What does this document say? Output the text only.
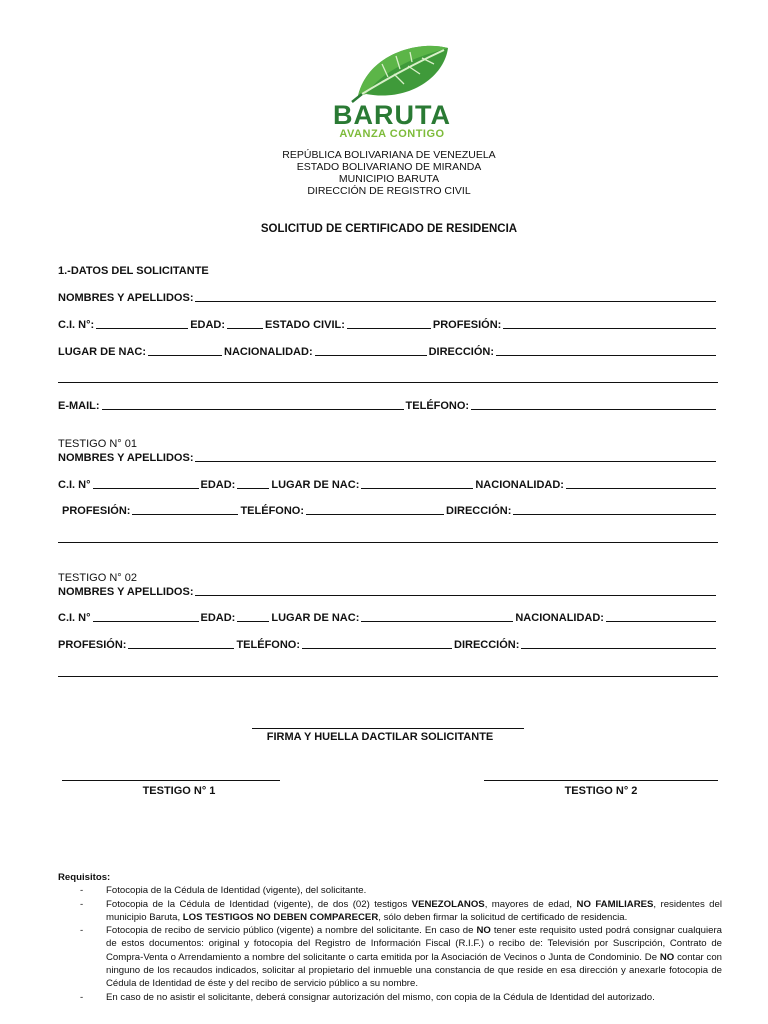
BARUTA
AVANZA CONTIGO
REPÚBLICA BOLIVARIANA DE VENEZUELA
ESTADO BOLIVARIANO DE MIRANDA
MUNICIPIO BARUTA
DIRECCIÓN DE REGISTRO CIVIL
SOLICITUD DE CERTIFICADO DE RESIDENCIA
1.-DATOS DEL SOLICITANTE
NOMBRES Y APELLIDOS:
C.I. N°:	EDAD:	ESTADO CIVIL:	PROFESIÓN:
LUGAR DE NAC:	NACIONALIDAD:	DIRECCIÓN:
E-MAIL:	TELÉFONO:
TESTIGO N° 01
NOMBRES Y APELLIDOS:
C.I. N°	EDAD:	LUGAR DE NAC:	NACIONALIDAD:
PROFESIÓN:	TELÉFONO:	DIRECCIÓN:
TESTIGO N° 02
NOMBRES Y APELLIDOS:
C.I. N°	EDAD:	LUGAR DE NAC:	NACIONALIDAD:
PROFESIÓN:	TELÉFONO:	DIRECCIÓN:
FIRMA Y HUELLA DACTILAR SOLICITANTE
TESTIGO N° 1	TESTIGO N° 2
Requisitos:
- Fotocopia de la Cédula de Identidad (vigente), del solicitante.
- Fotocopia de la Cédula de Identidad (vigente), de dos (02) testigos VENEZOLANOS, mayores de edad, NO FAMILIARES, residentes del municipio Baruta, LOS TESTIGOS NO DEBEN COMPARECER, sólo deben firmar la solicitud de certificado de residencia.
- Fotocopia de recibo de servicio público (vigente) a nombre del solicitante. En caso de NO tener este requisito usted podrá consignar cualquiera de estos documentos: original y fotocopia del Registro de Información Fiscal (R.I.F.) o recibo de: Televisión por Suscripción, Contrato de Compra-Venta o Arrendamiento a nombre del solicitante o carta emitida por la Asociación de Vecinos o Junta de Condominio. De NO contar con ninguno de los recaudos indicados, solicitar al propietario del inmueble una constancia de que reside en esa dirección y anexarle fotocopia de Cédula de Identidad de éste y del recibo de servicio público a su nombre.
- En caso de no asistir el solicitante, deberá consignar autorización del mismo, con copia de la Cédula de Identidad del autorizado.
